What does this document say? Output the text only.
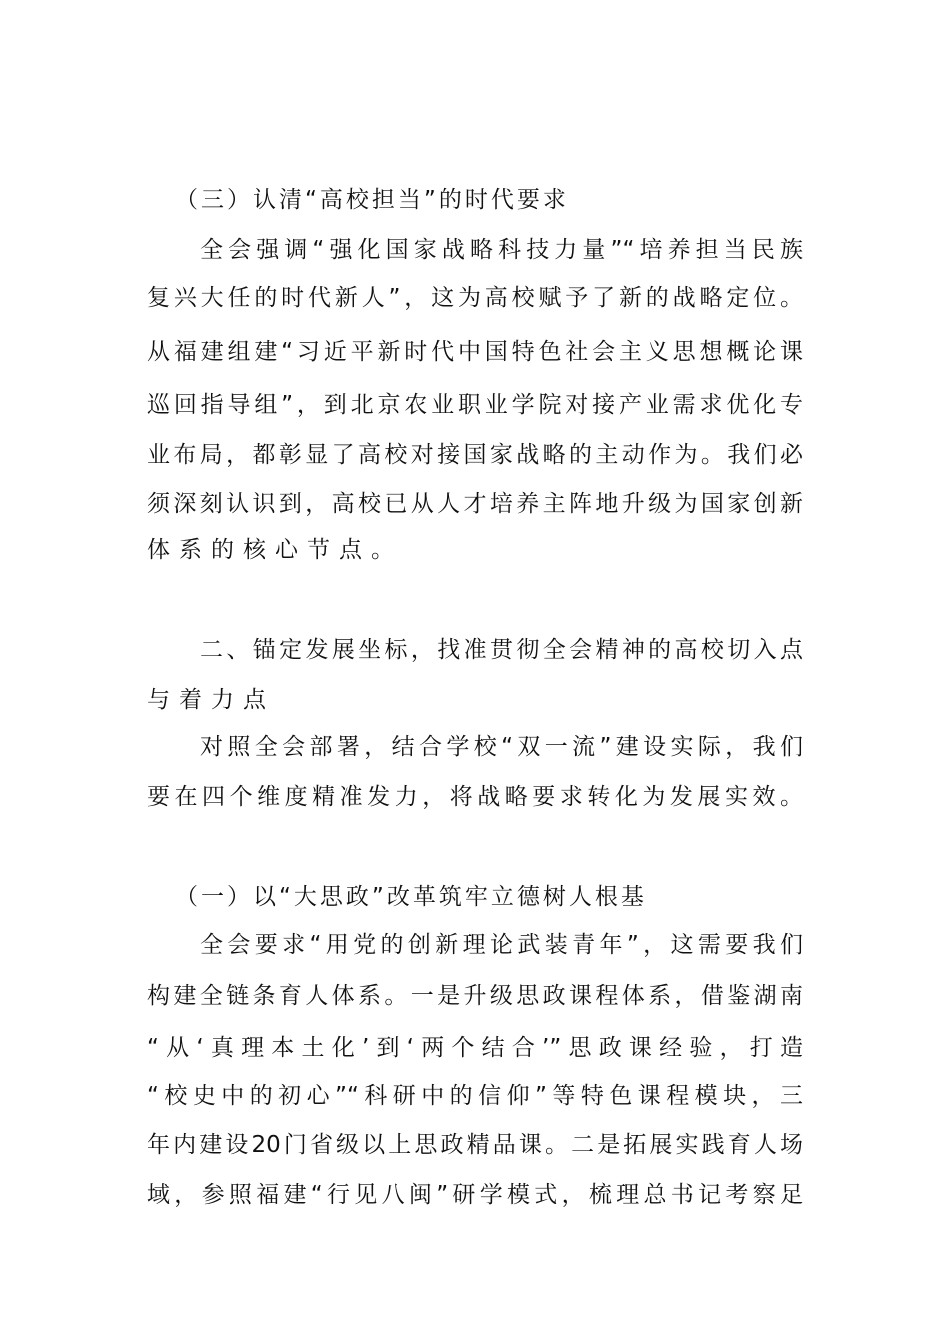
（三）认清“高校担当”的时代要求
全会强调“强化国家战略科技力量”“培养担当民族
复兴大任的时代新人”，这为高校赋予了新的战略定位。
从福建组建“习近平新时代中国特色社会主义思想概论课
巡回指导组”，到北京农业职业学院对接产业需求优化专
业布局，都彰显了高校对接国家战略的主动作为。我们必
须深刻认识到，高校已从人才培养主阵地升级为国家创新
体系的核心节点。
二、锚定发展坐标，找准贯彻全会精神的高校切入点
与着力点
对照全会部署，结合学校“双一流”建设实际，我们
要在四个维度精准发力，将战略要求转化为发展实效。
（一）以“大思政”改革筑牢立德树人根基
全会要求“用党的创新理论武装青年”，这需要我们
构建全链条育人体系。一是升级思政课程体系，借鉴湖南
“从‘真理本土化’到‘两个结合’”思政课经验，打造
“校史中的初心”“科研中的信仰”等特色课程模块，三
年内建设20门省级以上思政精品课。二是拓展实践育人场
域，参照福建“行见八闽”研学模式，梳理总书记考察足
